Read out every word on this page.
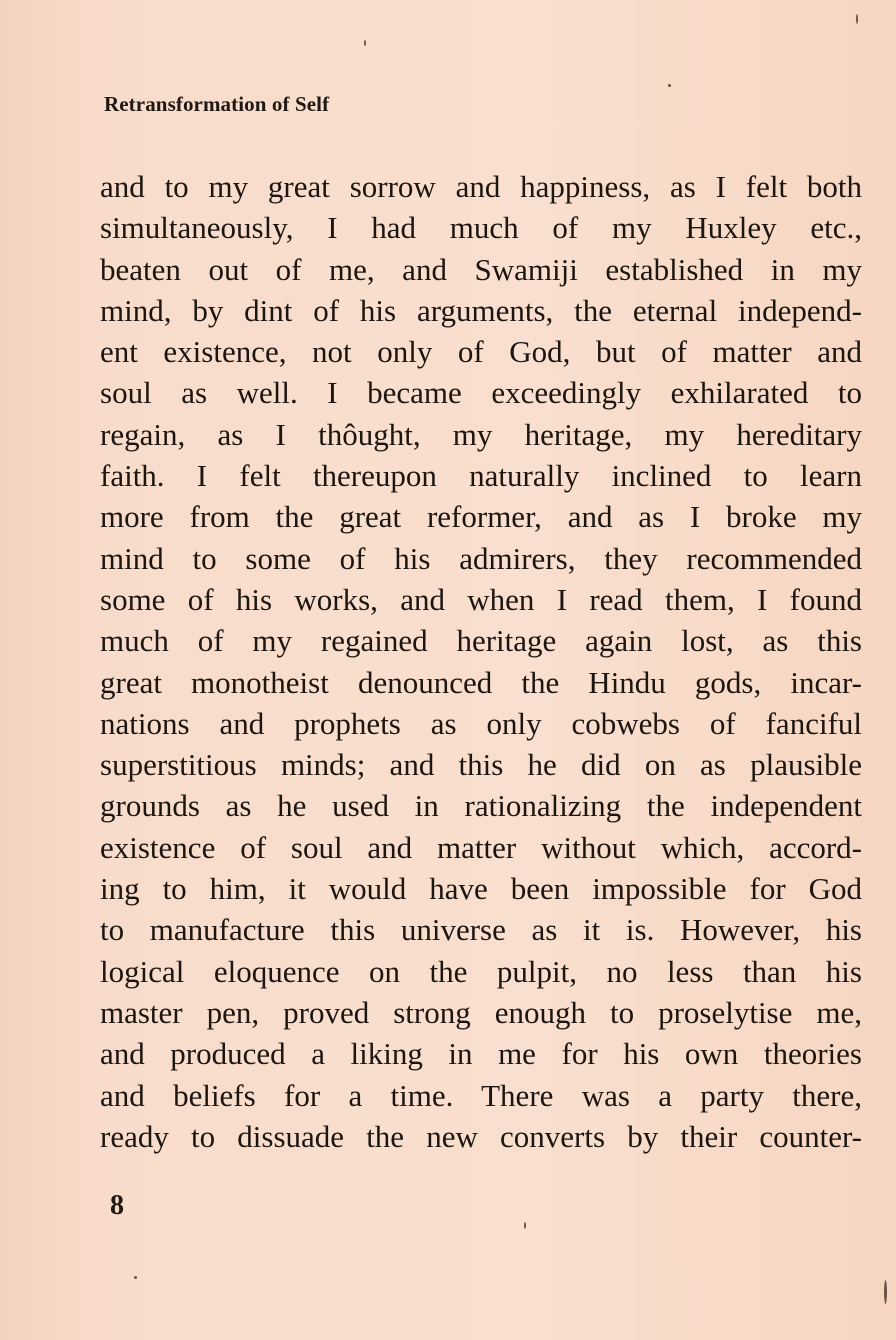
Retransformation of Self
and to my great sorrow and happiness, as I felt both
simultaneously, I had much of my Huxley etc.,
beaten out of me, and Swamiji established in my
mind, by dint of his arguments, the eternal independ-
ent existence, not only of God, but of matter and
soul as well. I became exceedingly exhilarated to
regain, as I thôught, my heritage, my hereditary
faith. I felt thereupon naturally inclined to learn
more from the great reformer, and as I broke my
mind to some of his admirers, they recommended
some of his works, and when I read them, I found
much of my regained heritage again lost, as this
great monotheist denounced the Hindu gods, incar-
nations and prophets as only cobwebs of fanciful
superstitious minds; and this he did on as plausible
grounds as he used in rationalizing the independent
existence of soul and matter without which, accord-
ing to him, it would have been impossible for God
to manufacture this universe as it is. However, his
logical eloquence on the pulpit, no less than his
master pen, proved strong enough to proselytise me,
and produced a liking in me for his own theories
and beliefs for a time. There was a party there,
ready to dissuade the new converts by their counter-
8
